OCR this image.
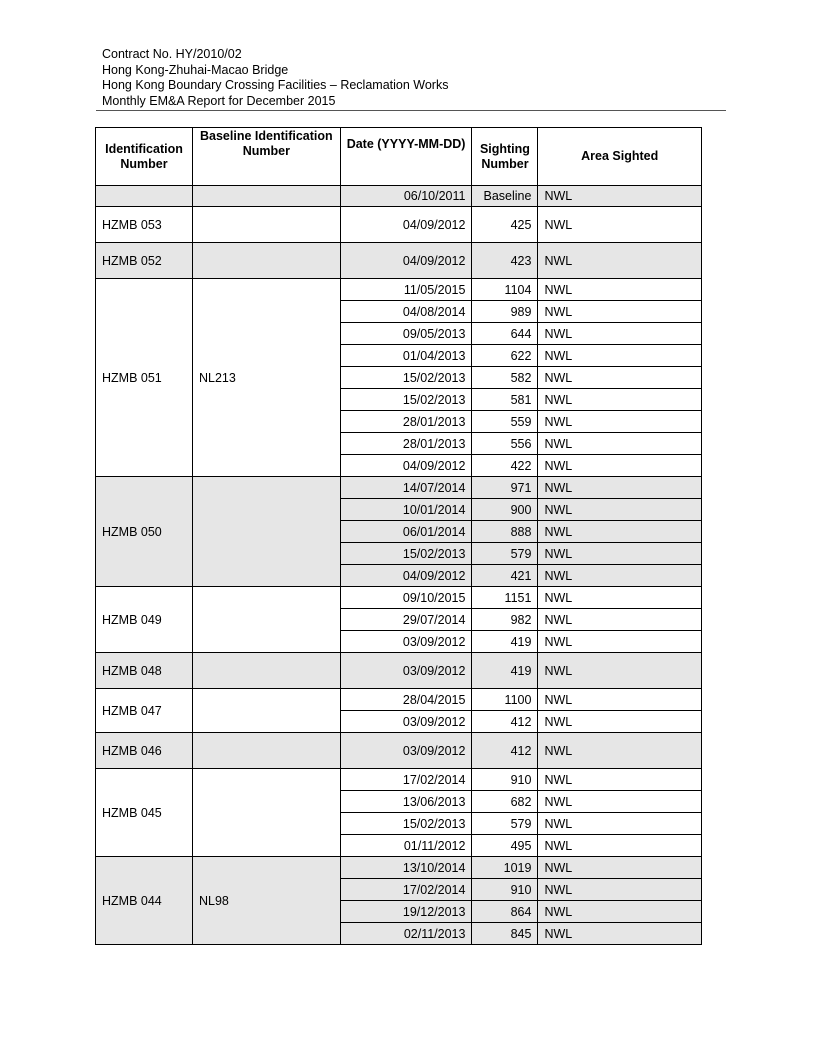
Contract No. HY/2010/02
Hong Kong-Zhuhai-Macao Bridge
Hong Kong Boundary Crossing Facilities – Reclamation Works
Monthly EM&A Report for December 2015
Identification Number	Baseline Identification Number	Date (YYYY-MM-DD)	Sighting Number	Area Sighted
		06/10/2011	Baseline	NWL
HZMB 053		04/09/2012	425	NWL
HZMB 052		04/09/2012	423	NWL
HZMB 051	NL213	11/05/2015	1104	NWL
		04/08/2014	989	NWL
		09/05/2013	644	NWL
		01/04/2013	622	NWL
		15/02/2013	582	NWL
		15/02/2013	581	NWL
		28/01/2013	559	NWL
		28/01/2013	556	NWL
		04/09/2012	422	NWL
HZMB 050		14/07/2014	971	NWL
		10/01/2014	900	NWL
		06/01/2014	888	NWL
		15/02/2013	579	NWL
		04/09/2012	421	NWL
HZMB 049		09/10/2015	1151	NWL
		29/07/2014	982	NWL
		03/09/2012	419	NWL
HZMB 048		03/09/2012	419	NWL
HZMB 047		28/04/2015	1100	NWL
		03/09/2012	412	NWL
HZMB 046		03/09/2012	412	NWL
HZMB 045		17/02/2014	910	NWL
		13/06/2013	682	NWL
		15/02/2013	579	NWL
		01/11/2012	495	NWL
HZMB 044	NL98	13/10/2014	1019	NWL
		17/02/2014	910	NWL
		19/12/2013	864	NWL
		02/11/2013	845	NWL
